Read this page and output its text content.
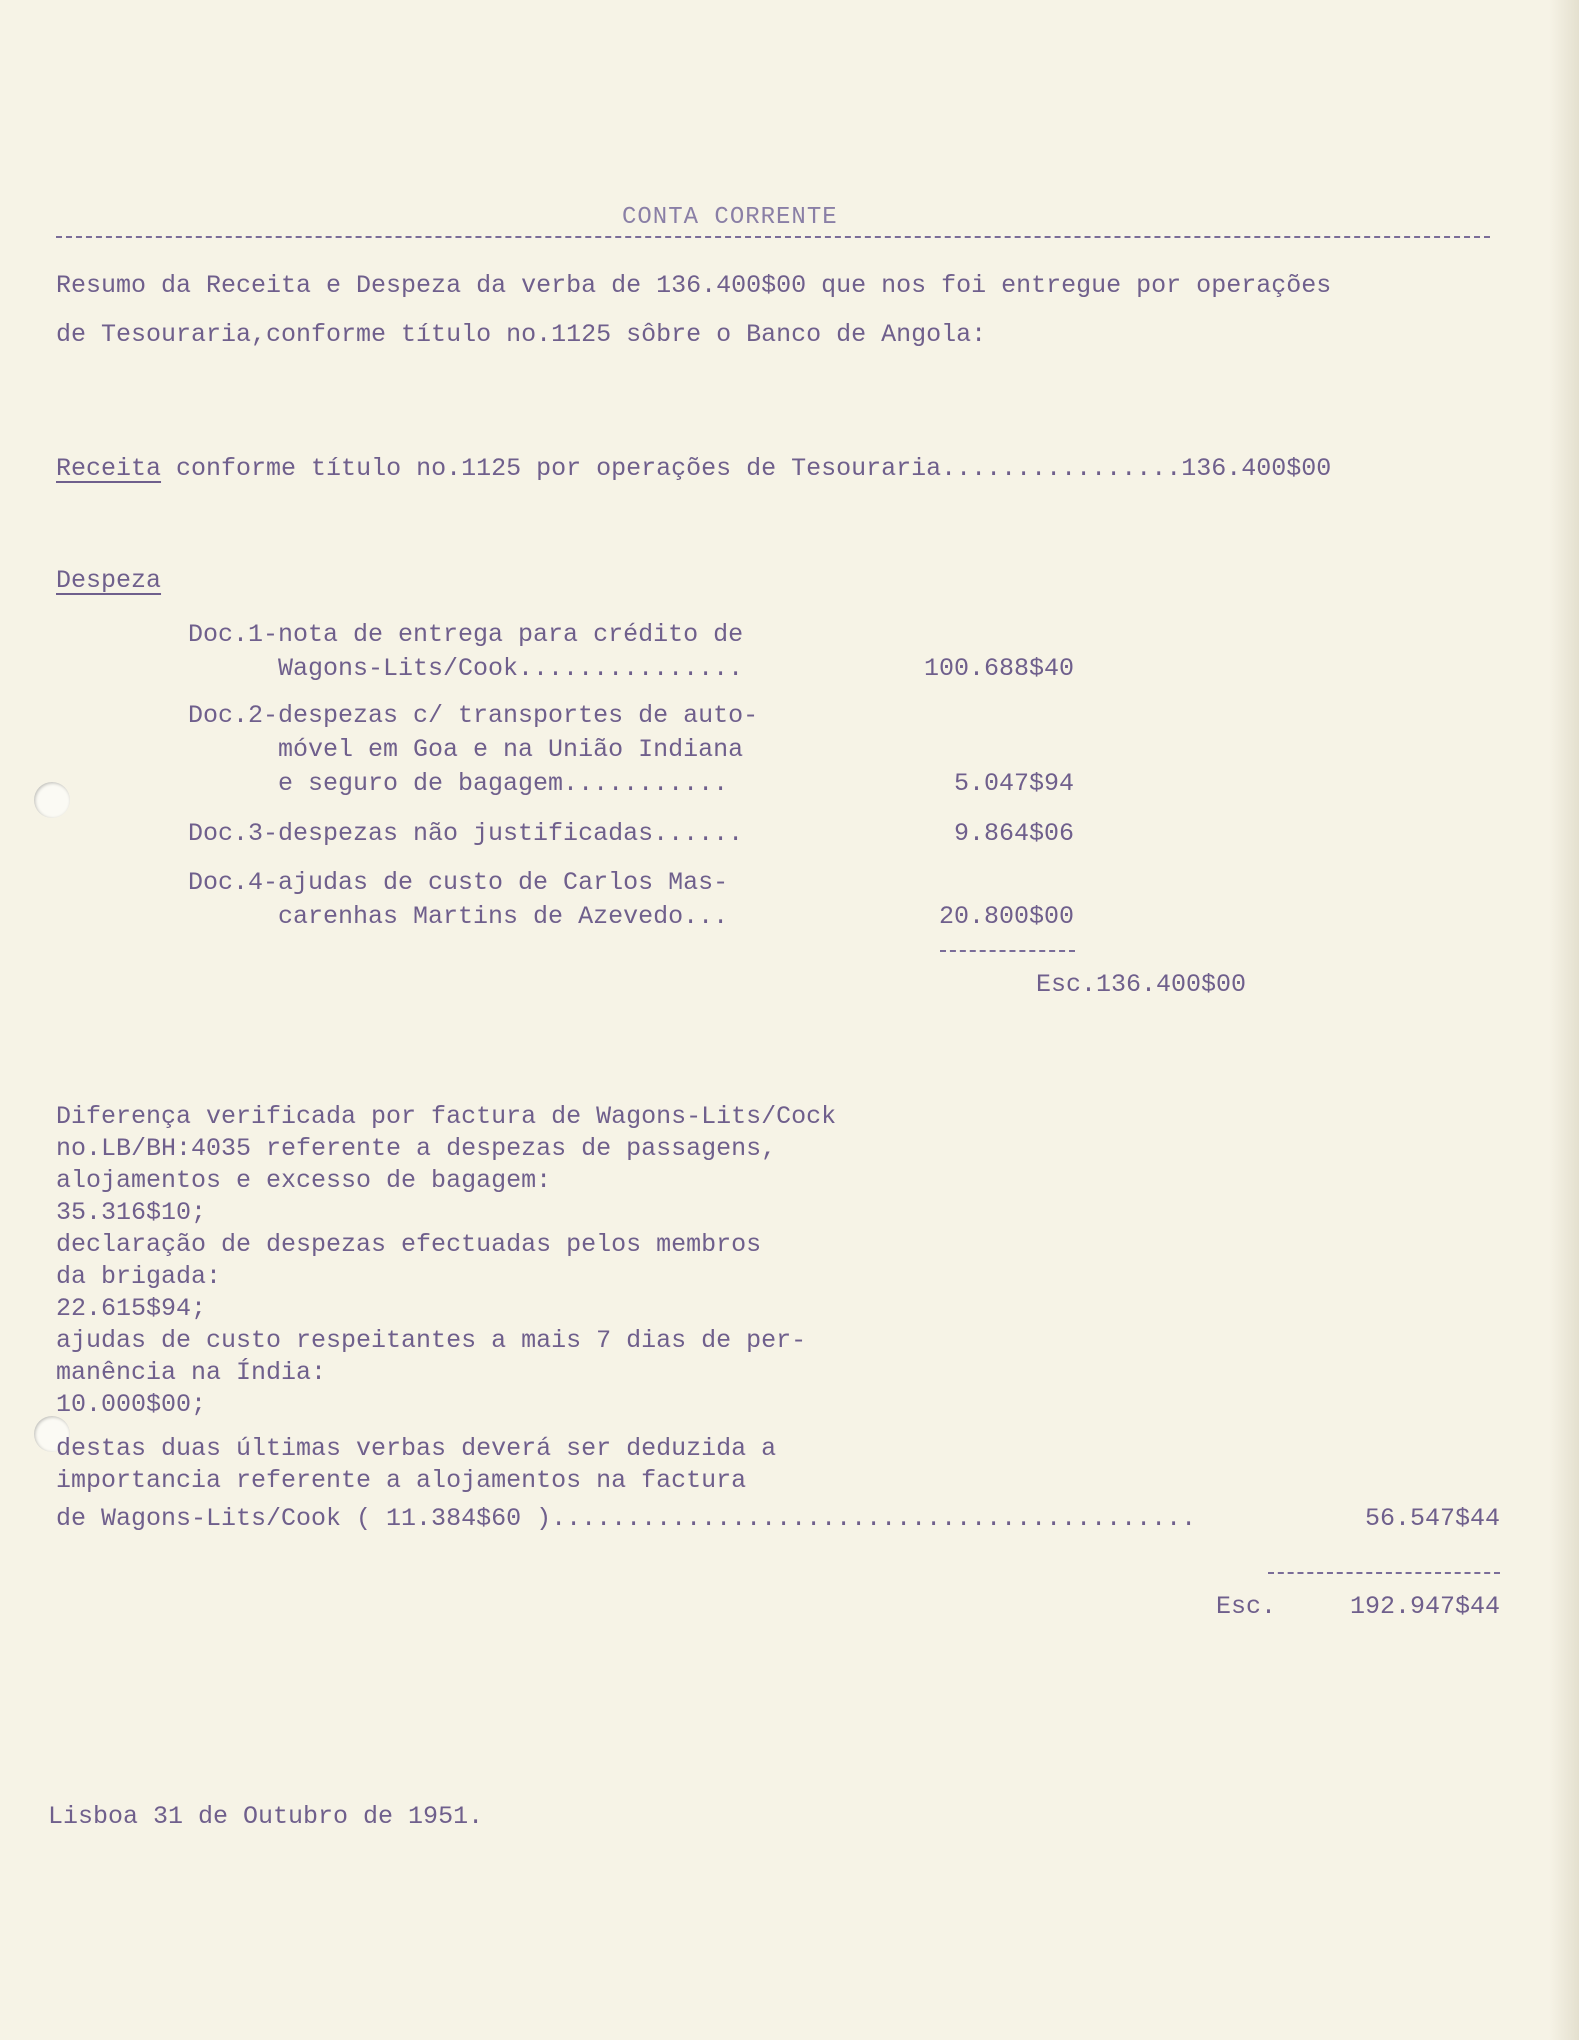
CONTA CORRENTE
Resumo da Receita e Despeza da verba de 136.400$00 que nos foi entregue por operações
de Tesouraria,conforme título no.1125 sôbre o Banco de Angola:
Receita conforme título no.1125 por operações de Tesouraria................136.400$00
Despeza
Doc.1-nota de entrega para crédito de
Wagons-Lits/Cook...............	100.688$40
Doc.2-despezas c/ transportes de auto-
móvel em Goa e na União Indiana
e seguro de bagagem...........	5.047$94
Doc.3-despezas não justificadas......	9.864$06
Doc.4-ajudas de custo de Carlos Mas-
carenhas Martins de Azevedo...	20.800$00
Esc.136.400$00
Diferença verificada por factura de Wagons-Lits/Cock
no.LB/BH:4035 referente a despezas de passagens,
alojamentos e excesso de bagagem:
35.316$10;
declaração de despezas efectuadas pelos membros
da brigada:
22.615$94;
ajudas de custo respeitantes a mais 7 dias de per-
manência na Índia:
10.000$00;
destas duas últimas verbas deverá ser deduzida a
importancia referente a alojamentos na factura
de Wagons-Lits/Cook ( 11.384$60 )...........................................	56.547$44
Esc.	192.947$44
Lisboa 31 de Outubro de 1951.
